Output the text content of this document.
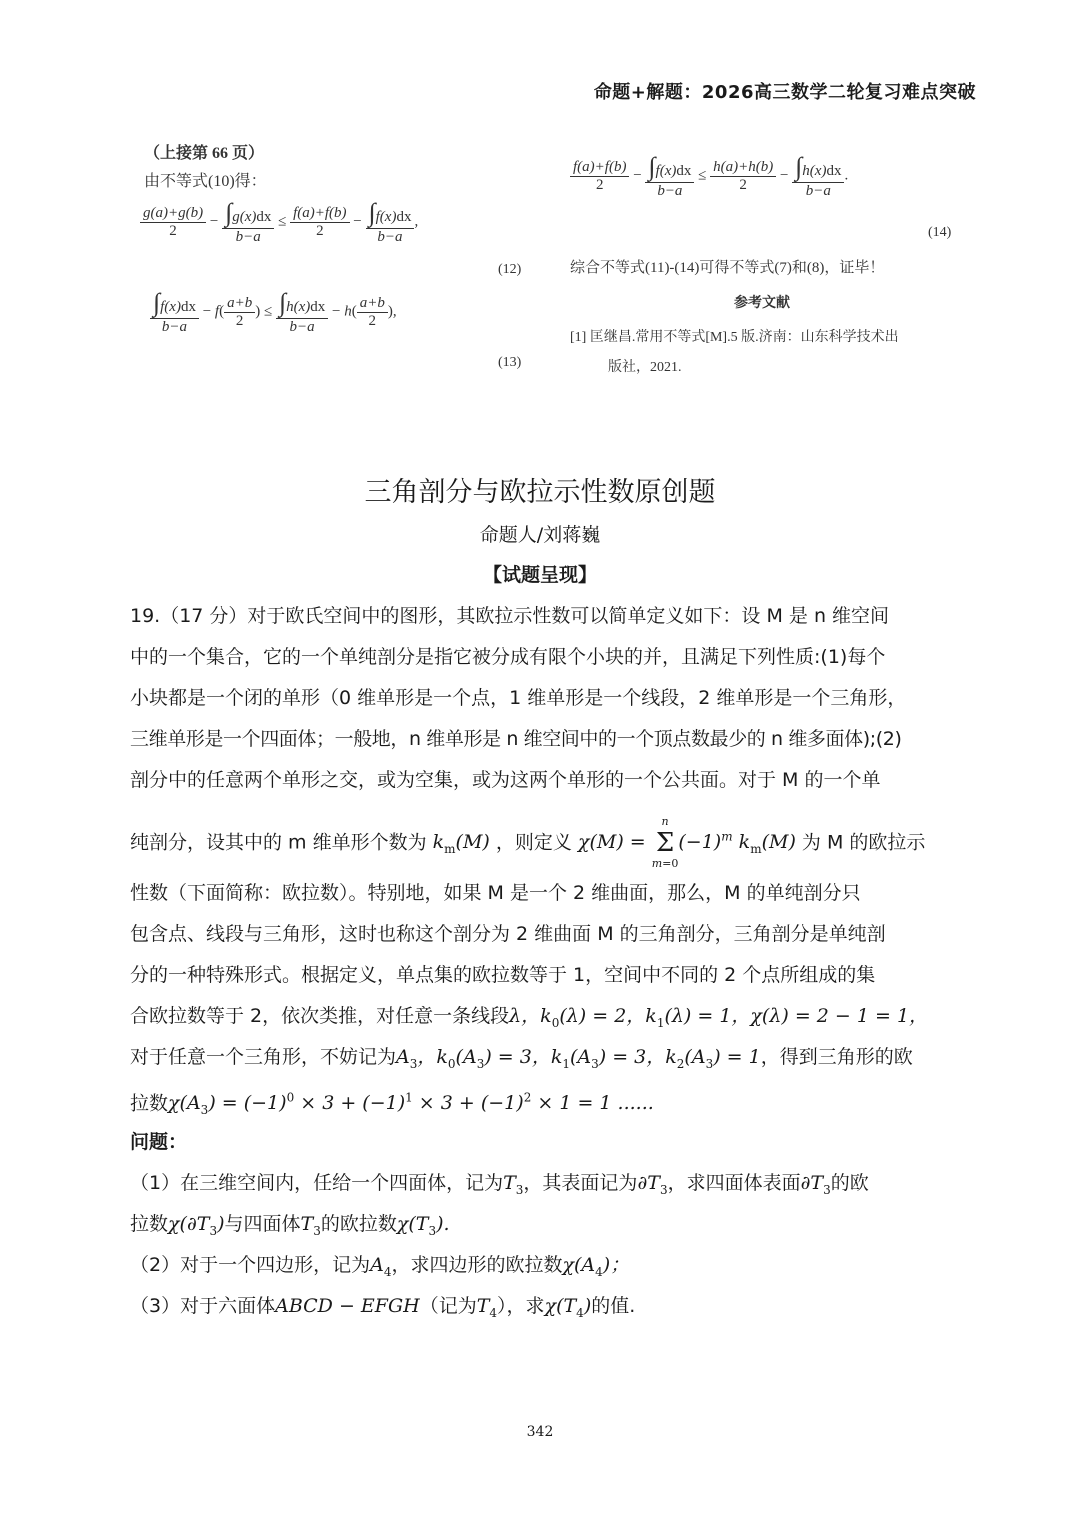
命题+解题：2026高三数学二轮复习难点突破
（上接第 66 页）
由不等式(10)得：
$\frac{g(a)+g(b)}{2} - \frac{\int g(x)dx}{b-a} \le \frac{f(a)+f(b)}{2} - \frac{\int f(x)dx}{b-a}$ ,
(12)
$\frac{\int f(x)dx}{b-a} - f( \frac{a+b}{2}$ ) ≤ $\frac{\int h(x)dx}{b-a} - h( \frac{a+b}{2}$ ),
(13)
$\frac{f(a)+f(b)}{2} - \frac{\int f(x)dx}{b-a} \le \frac{h(a)+h(b)}{2} - \frac{\int h(x)dx}{b-a}$ .
(14)
综合不等式(11)-(14)可得不等式(7)和(8)，证毕！
参考文献
[1] 匡继昌.常用不等式[M].5 版.济南：山东科学技术出
版社，2021.
三角剖分与欧拉示性数原创题
命题人/刘蒋巍
【试题呈现】
19.（17 分）对于欧氏空间中的图形，其欧拉示性数可以简单定义如下：设 M 是 n 维空间
中的一个集合，它的一个单纯剖分是指它被分成有限个小块的并，且满足下列性质:(1)每个
小块都是一个闭的单形（0 维单形是一个点，1 维单形是一个线段，2 维单形是一个三角形，
三维单形是一个四面体；一般地，n 维单形是 n 维空间中的一个顶点数最少的 n 维多面体);(2)
剖分中的任意两个单形之交，或为空集，或为这两个单形的一个公共面。对于 M 的一个单
纯剖分，设其中的 m 维单形个数为 $k_m(M)$ ，则定义 χ(M) =
n
Σ
m=0
$(-1)^m$ $k_m(M)$ 为 M 的欧拉示
性数（下面简称：欧拉数）。特别地，如果 M 是一个 2 维曲面，那么，M 的单纯剖分只
包含点、线段与三角形，这时也称这个剖分为 2 维曲面 M 的三角剖分，三角剖分是单纯剖
分的一种特殊形式。根据定义，单点集的欧拉数等于 1，空间中不同的 2 个点所组成的集
合欧拉数等于 2，依次类推，对任意一条线段λ，$k_0(\lambda) = 2$，$k_1(\lambda) = 1$，χ(λ) = 2 − 1 = 1，
对于任意一个三角形，不妨记为$A_3$，$k_0(A_3) = 3$，$k_1(A_3) = 3$，$k_2(A_3) = 1$，得到三角形的欧
拉数$\chi(A_3) = (-1)^0 \times 3 + (-1)^1 \times 3 + (-1)^2 \times 1 = 1$ ......
问题：
（1）在三维空间内，任给一个四面体，记为$T_3$，其表面记为$\partial T_3$，求四面体表面$\partial T_3$的欧
拉数$\chi(\partial T_3)$与四面体$T_3$的欧拉数$\chi(T_3)$.
（2）对于一个四边形，记为$A_4$，求四边形的欧拉数$\chi(A_4)$；
（3）对于六面体ABCD − EFGH（记为$T_4$），求$\chi(T_4)$的值.
342
